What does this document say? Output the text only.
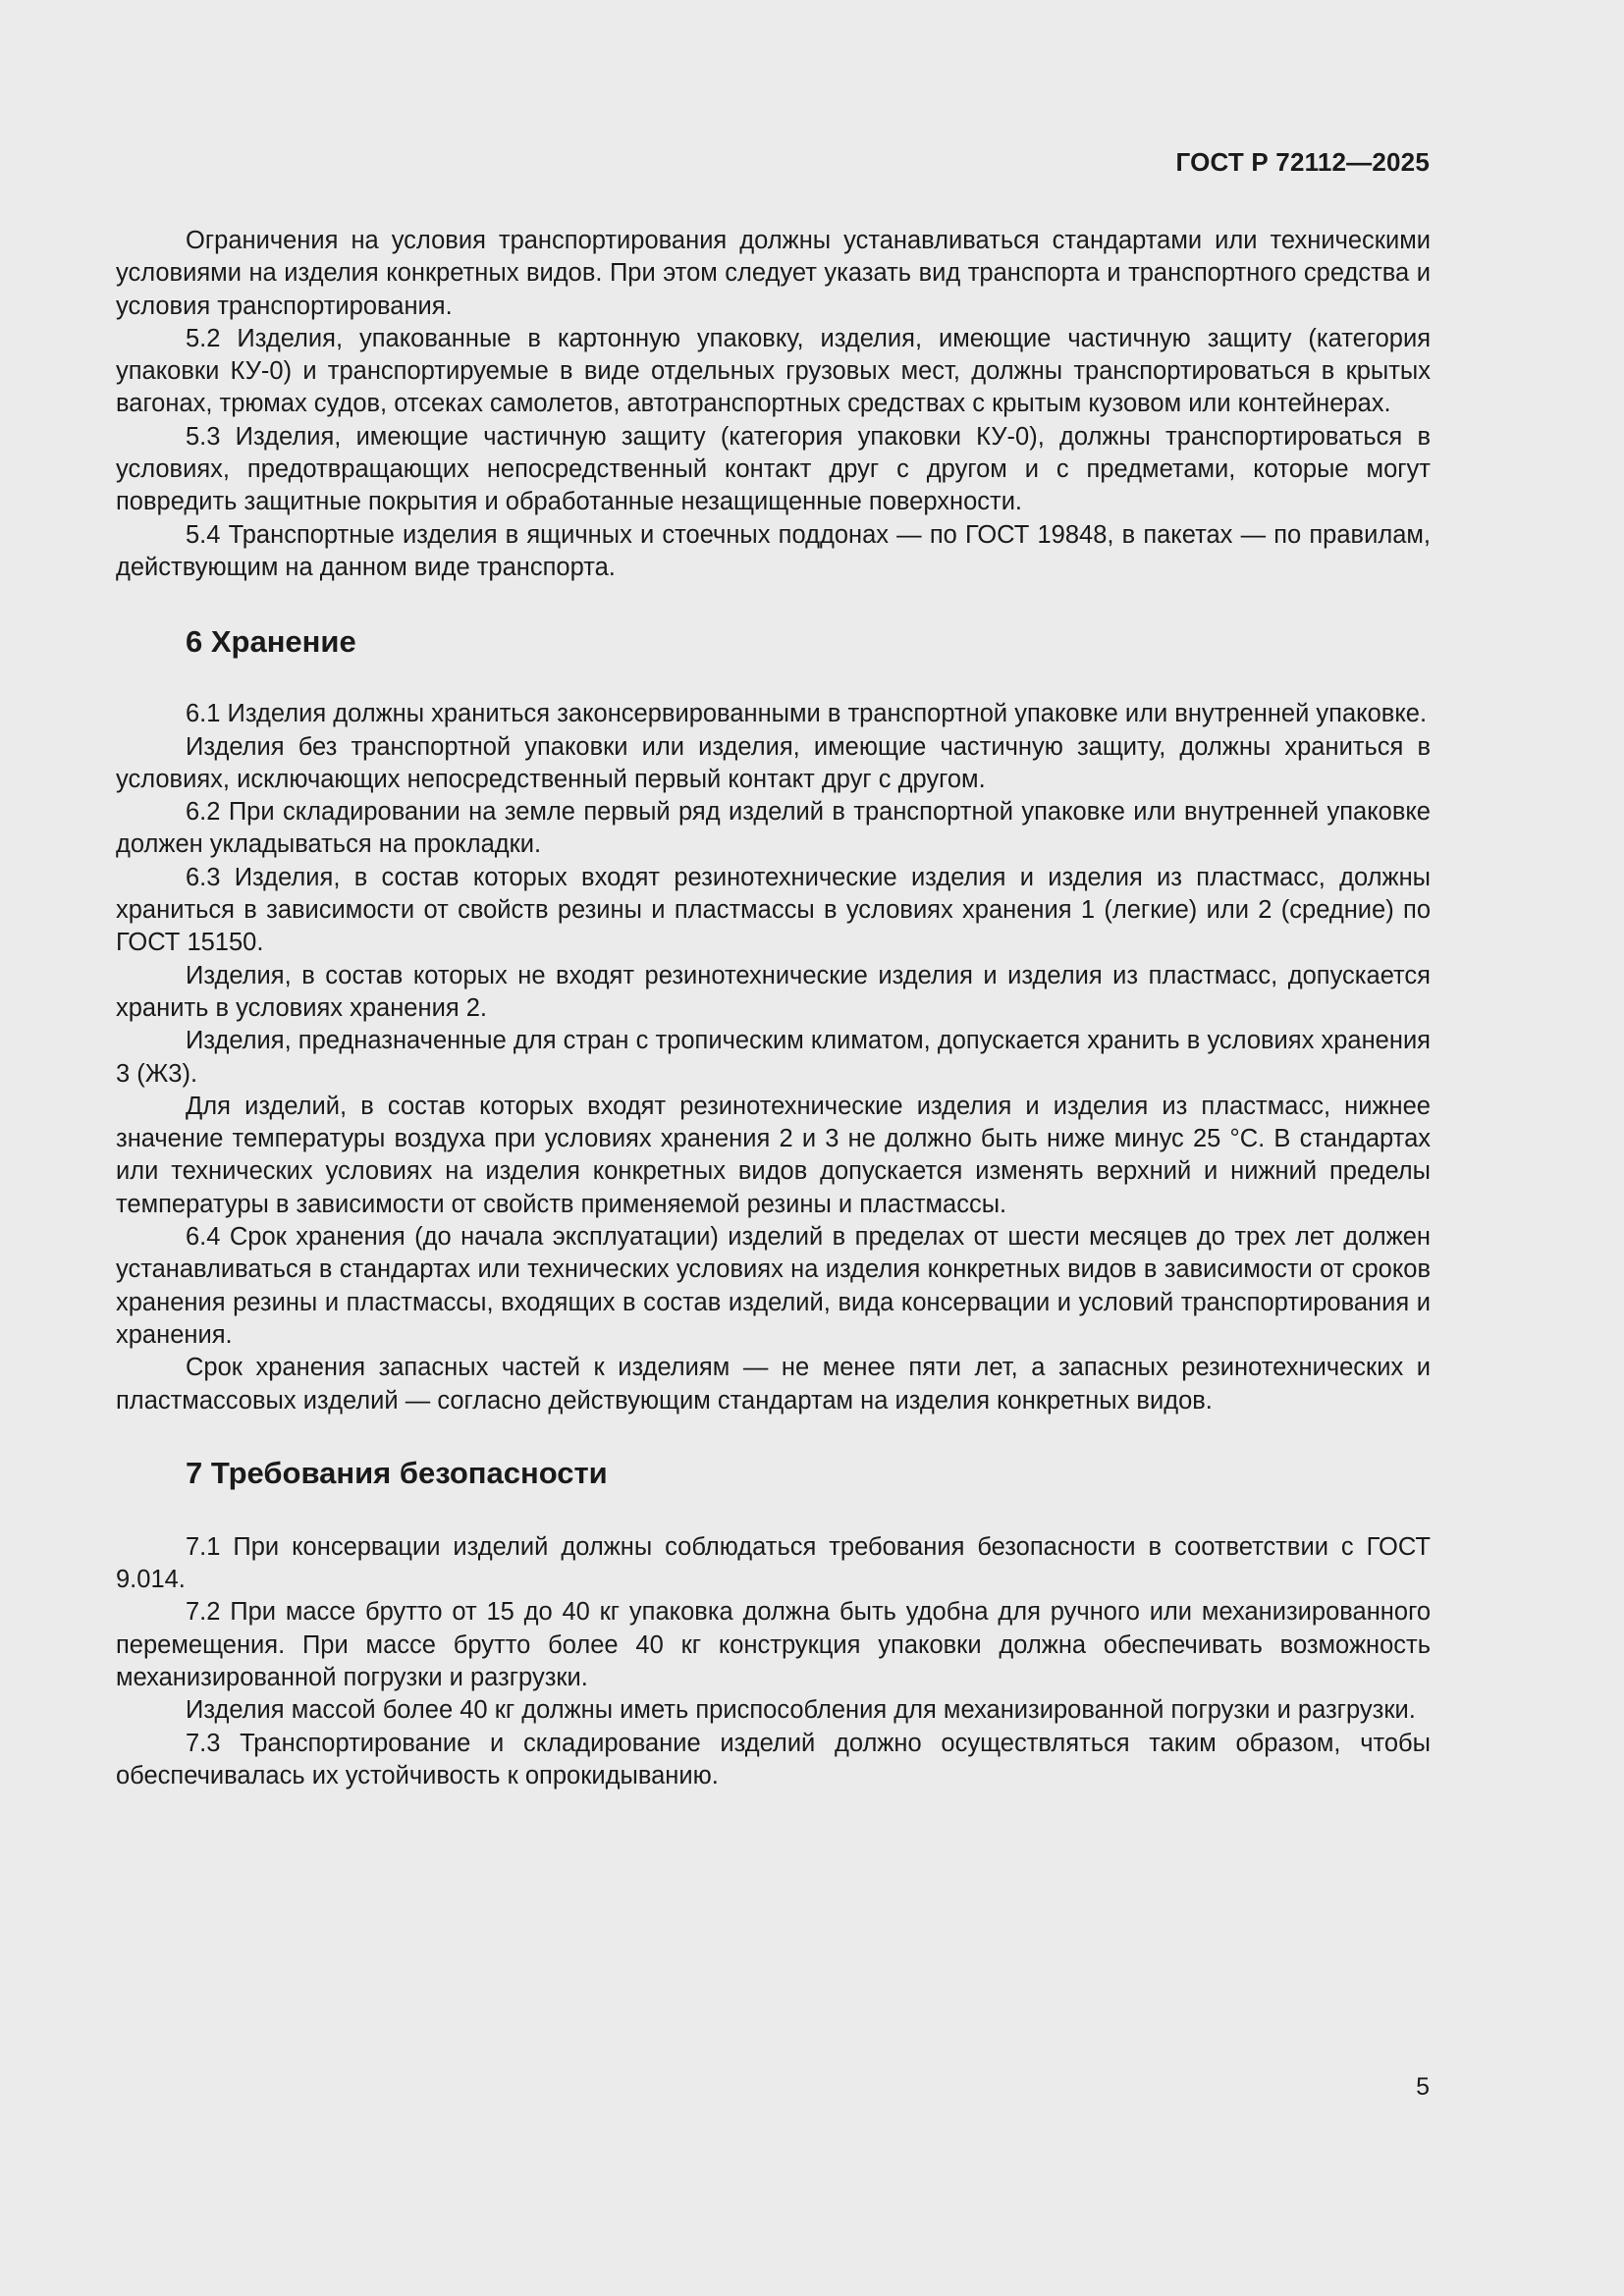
ГОСТ Р 72112—2025

Ограничения на условия транспортирования должны устанавливаться стандартами или техническими условиями на изделия конкретных видов. При этом следует указать вид транспорта и транспортного средства и условия транспортирования.

5.2 Изделия, упакованные в картонную упаковку, изделия, имеющие частичную защиту (категория упаковки КУ-0) и транспортируемые в виде отдельных грузовых мест, должны транспортироваться в крытых вагонах, трюмах судов, отсеках самолетов, автотранспортных средствах с крытым кузовом или контейнерах.

5.3 Изделия, имеющие частичную защиту (категория упаковки КУ-0), должны транспортироваться в условиях, предотвращающих непосредственный контакт друг с другом и с предметами, которые могут повредить защитные покрытия и обработанные незащищенные поверхности.

5.4 Транспортные изделия в ящичных и стоечных поддонах — по ГОСТ 19848, в пакетах — по правилам, действующим на данном виде транспорта.

6 Хранение

6.1 Изделия должны храниться законсервированными в транспортной упаковке или внутренней упаковке.

Изделия без транспортной упаковки или изделия, имеющие частичную защиту, должны храниться в условиях, исключающих непосредственный первый контакт друг с другом.

6.2 При складировании на земле первый ряд изделий в транспортной упаковке или внутренней упаковке должен укладываться на прокладки.

6.3 Изделия, в состав которых входят резинотехнические изделия и изделия из пластмасс, должны храниться в зависимости от свойств резины и пластмассы в условиях хранения 1 (легкие) или 2 (средние) по ГОСТ 15150.

Изделия, в состав которых не входят резинотехнические изделия и изделия из пластмасс, допускается хранить в условиях хранения 2.

Изделия, предназначенные для стран с тропическим климатом, допускается хранить в условиях хранения 3 (Ж3).

Для изделий, в состав которых входят резинотехнические изделия и изделия из пластмасс, нижнее значение температуры воздуха при условиях хранения 2 и 3 не должно быть ниже минус 25 °С. В стандартах или технических условиях на изделия конкретных видов допускается изменять верхний и нижний пределы температуры в зависимости от свойств применяемой резины и пластмассы.

6.4 Срок хранения (до начала эксплуатации) изделий в пределах от шести месяцев до трех лет должен устанавливаться в стандартах или технических условиях на изделия конкретных видов в зависимости от сроков хранения резины и пластмассы, входящих в состав изделий, вида консервации и условий транспортирования и хранения.

Срок хранения запасных частей к изделиям — не менее пяти лет, а запасных резинотехнических и пластмассовых изделий — согласно действующим стандартам на изделия конкретных видов.

7 Требования безопасности

7.1 При консервации изделий должны соблюдаться требования безопасности в соответствии с ГОСТ 9.014.

7.2 При массе брутто от 15 до 40 кг упаковка должна быть удобна для ручного или механизированного перемещения. При массе брутто более 40 кг конструкция упаковки должна обеспечивать возможность механизированной погрузки и разгрузки.

Изделия массой более 40 кг должны иметь приспособления для механизированной погрузки и разгрузки.

7.3 Транспортирование и складирование изделий должно осуществляться таким образом, чтобы обеспечивалась их устойчивость к опрокидыванию.

5
